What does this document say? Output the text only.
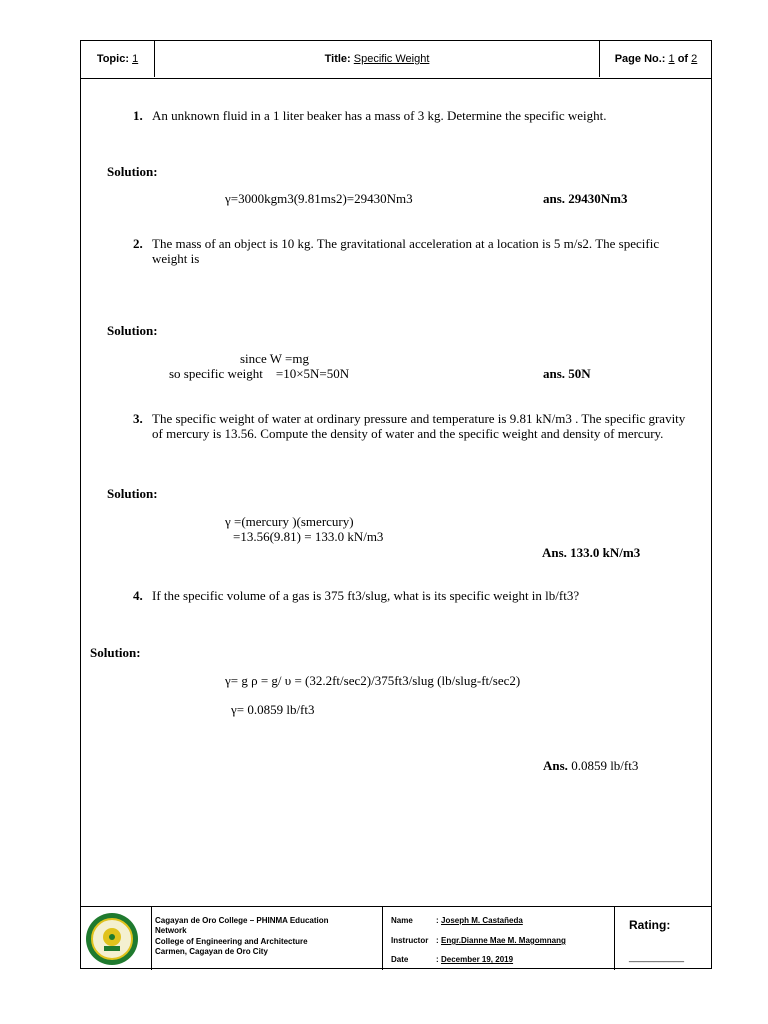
Topic:
1	Title:
Specific Weight	Page No.:
1
of
2
Cagayan de Oro College – PHINMA Education
Network
College of Engineering and Architecture
Carmen, Cagayan de Oro City
Name	: Joseph M. Castañeda
Instructor : Engr.Dianne Mae M. Magomnang
Date	: December 19, 2019
Rating:
___________
1. An unknown fluid in a 1 liter beaker has a mass of 3 kg. Determine the specific weight.
Solution:
γ=3000kgm3(9.81ms2)=29430Nm3	ans. 29430Nm3
2. The mass of an object is 10 kg. The gravitational acceleration at a location is 5 m/s2. The specific weight is
Solution:
since W =mg
so specific weight    =10×5N=50N	ans. 50N
3. The specific weight of water at ordinary pressure and temperature is 9.81 kN/m3 . The specific gravity of mercury is 13.56. Compute the density of water and the specific weight and density of mercury.
Solution:
γ =(mercury )(smercury)
=13.56(9.81) = 133.0 kN/m3
Ans. 133.0 kN/m3
4. If the specific volume of a gas is 375 ft3/slug, what is its specific weight in lb/ft3?
Solution:
γ= g ρ = g/ υ = (32.2ft/sec2)/375ft3/slug (lb/slug-ft/sec2)
γ= 0.0859 lb/ft3
Ans. 0.0859 lb/ft3
